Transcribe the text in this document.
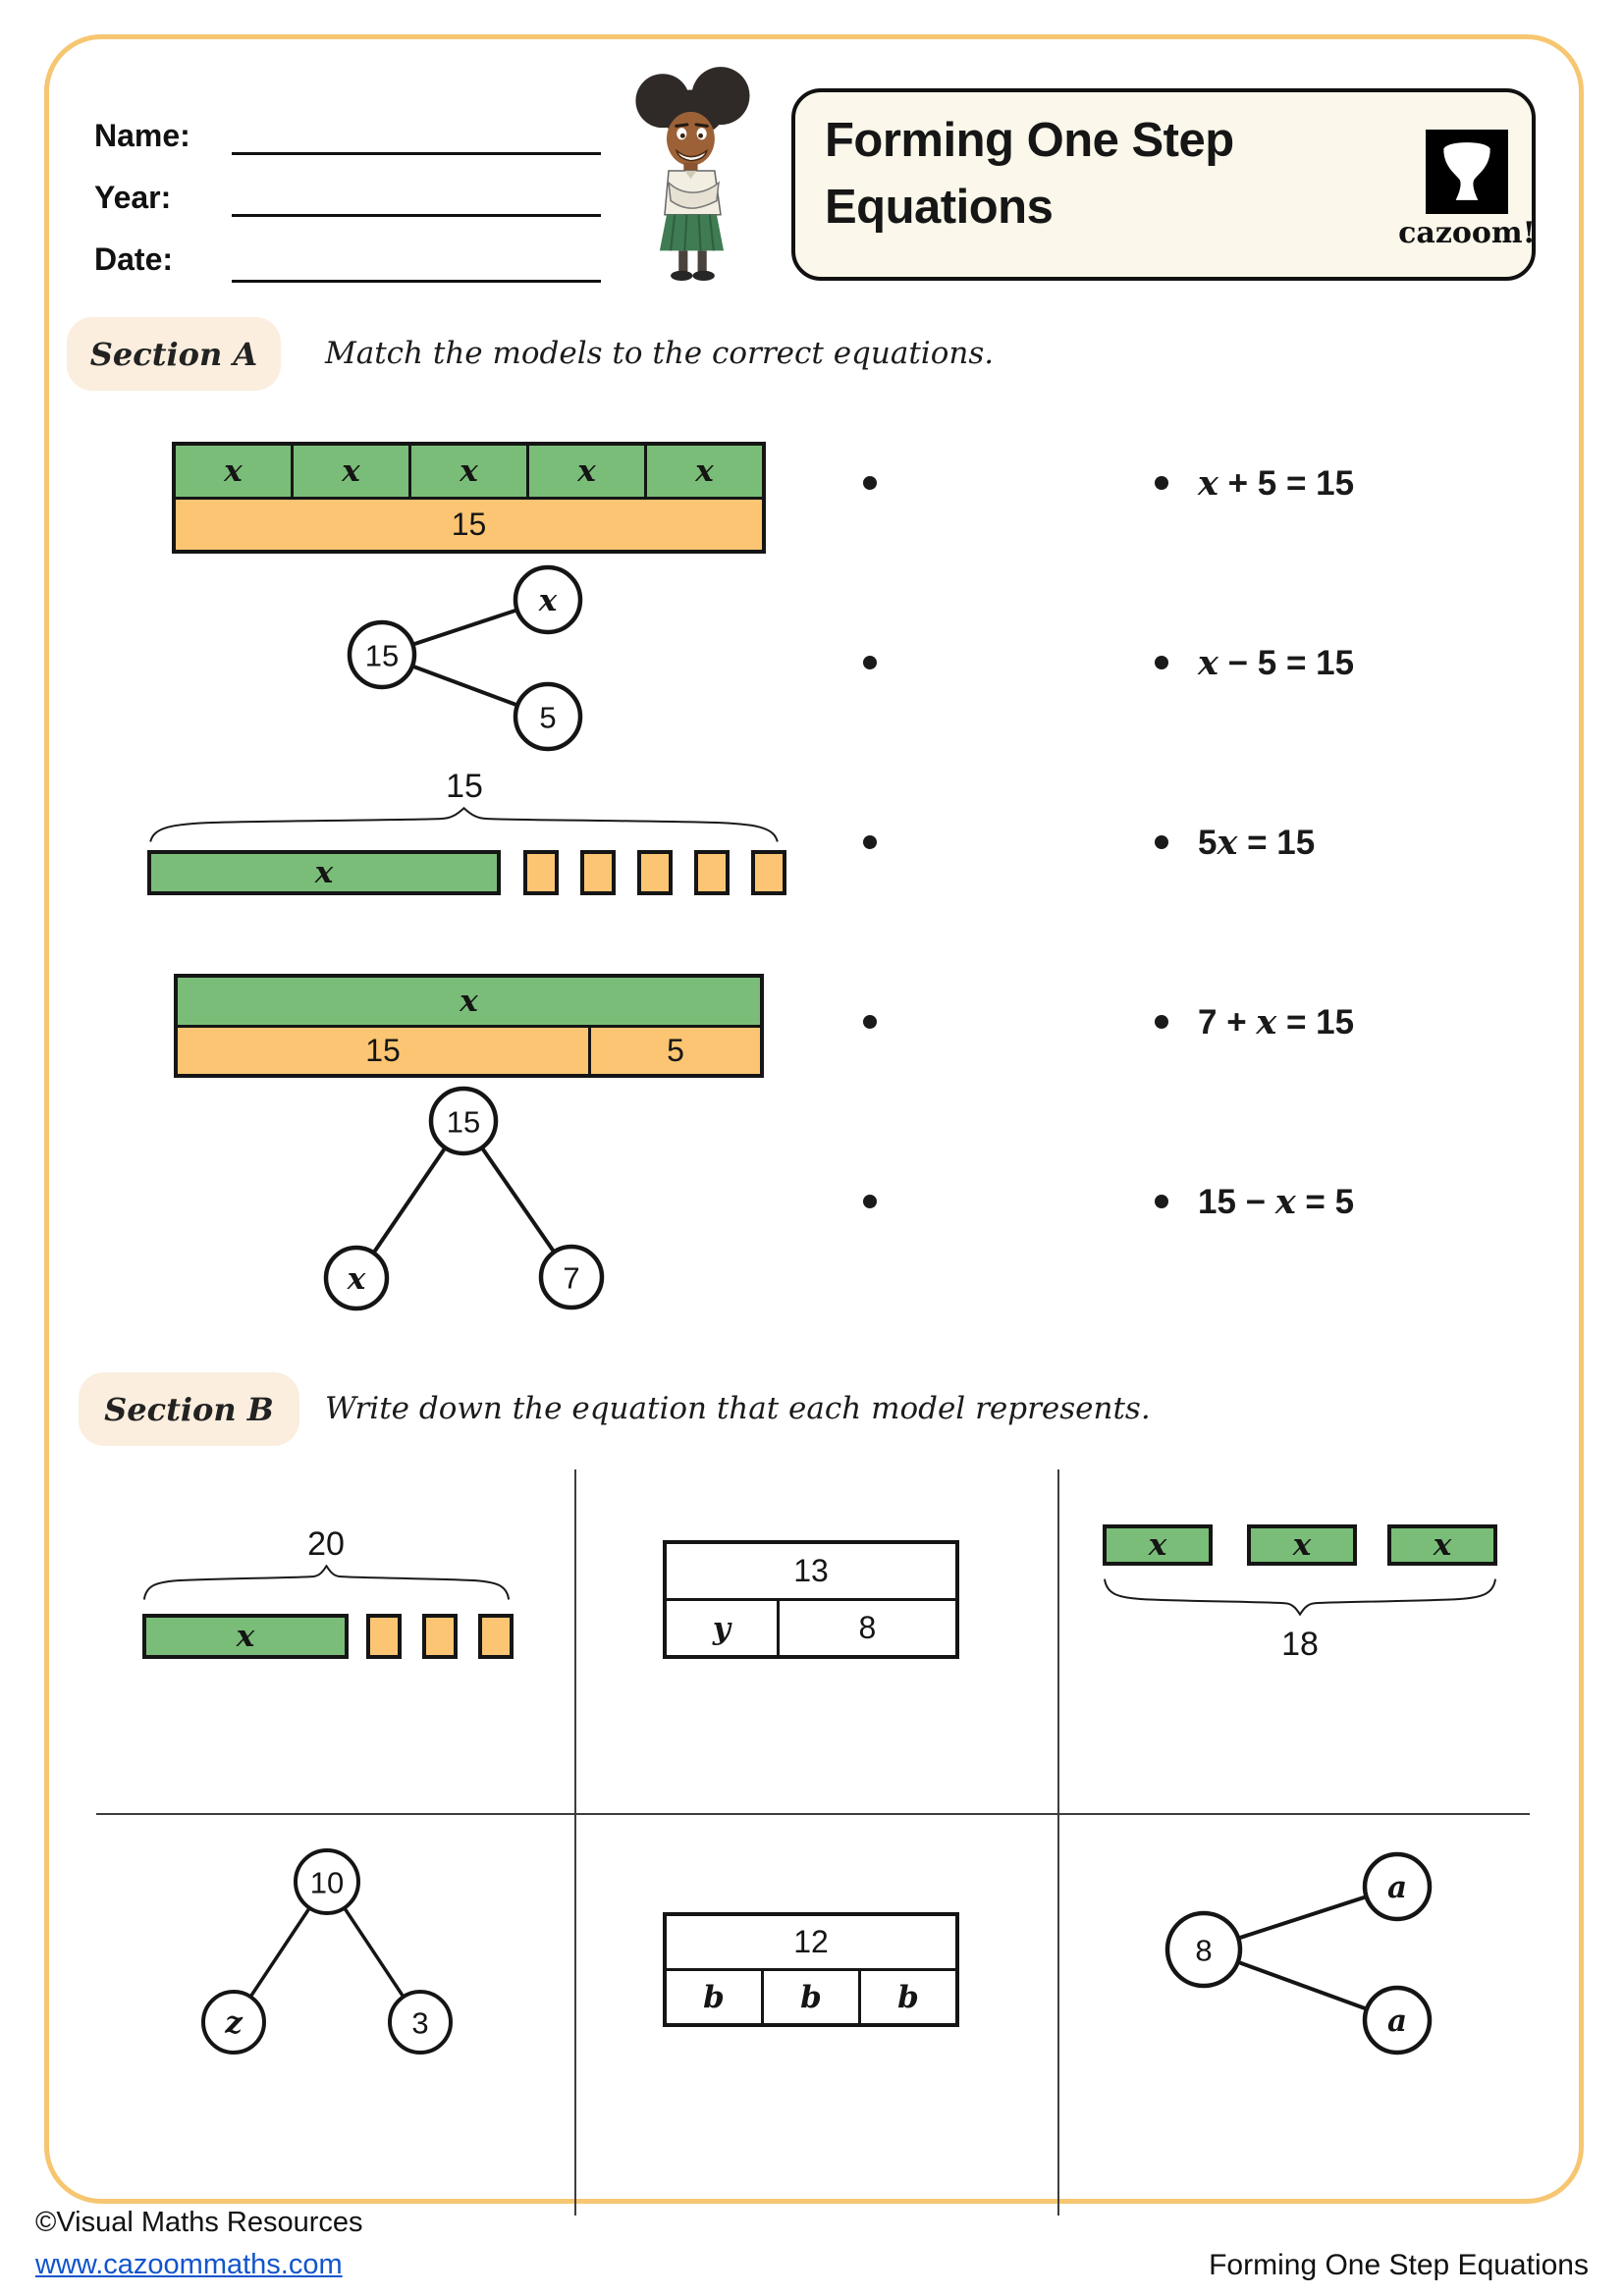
Name:
Year:
Date:
Forming One Step
Equations	cazoom!
Section A	Match the models to the correct equations.
x	x	x	x	x
15
15
x
5
15
x
x
15	5
15
x	7
x + 5 = 15
x − 5 = 15
5x = 15
7 + x = 15
15 − x = 5
Section B	Write down the equation that each model represents.
20
x
13
y	8
x	x	x
18
10
z	3
12
b	b	b
8
a
a
©Visual Maths Resources
www.cazoommaths.com	Forming One Step Equations
